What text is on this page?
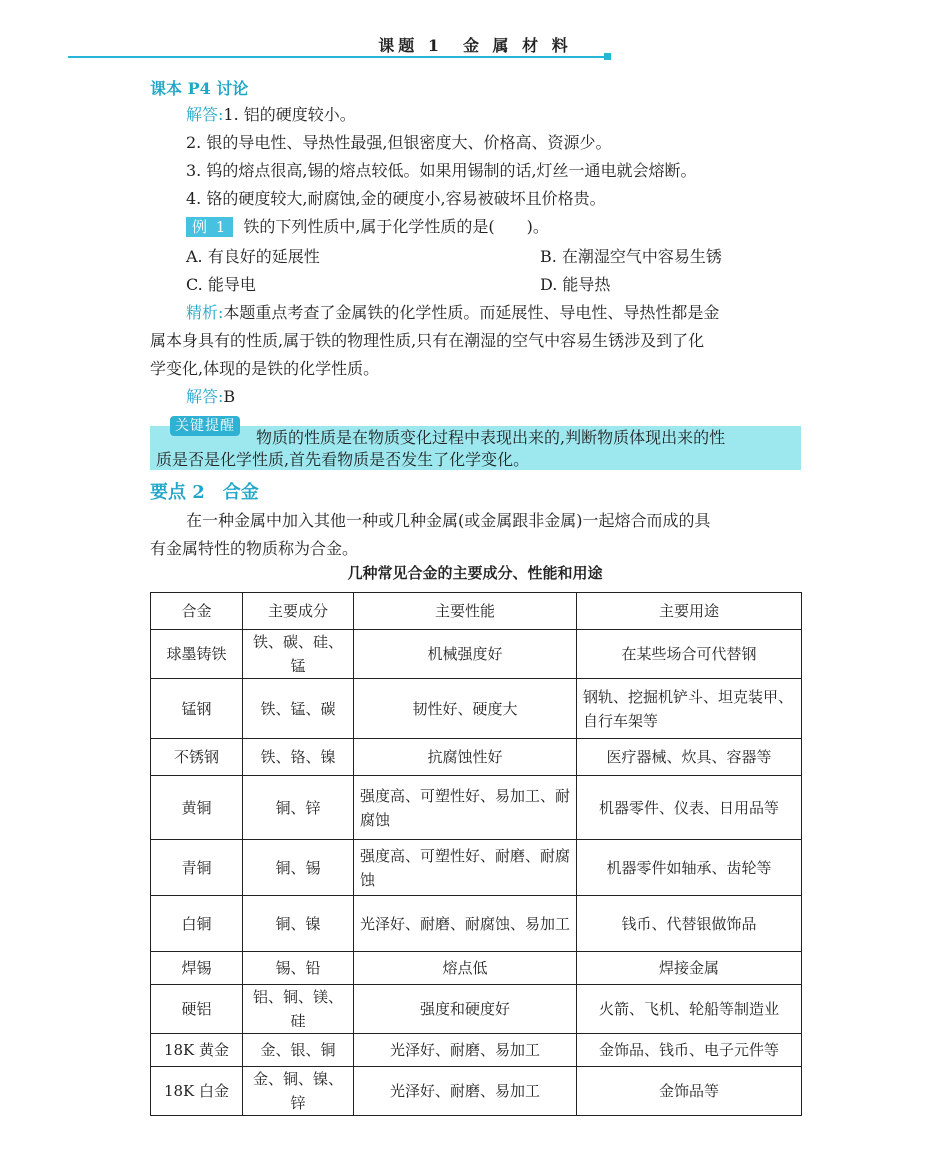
课题 1　金 属 材 料
课本 P4 讨论
解答:1. 铝的硬度较小。
2. 银的导电性、导热性最强,但银密度大、价格高、资源少。
3. 钨的熔点很高,锡的熔点较低。如果用锡制的话,灯丝一通电就会熔断。
4. 铬的硬度较大,耐腐蚀,金的硬度小,容易被破坏且价格贵。
例 1 铁的下列性质中,属于化学性质的是(　　)。
A. 有良好的延展性	B. 在潮湿空气中容易生锈
C. 能导电	D. 能导热
精析:本题重点考查了金属铁的化学性质。而延展性、导电性、导热性都是金
属本身具有的性质,属于铁的物理性质,只有在潮湿的空气中容易生锈涉及到了化
学变化,体现的是铁的化学性质。
解答:B
关键提醒
物质的性质是在物质变化过程中表现出来的,判断物质体现出来的性
质是否是化学性质,首先看物质是否发生了化学变化。
要点 2　合金
在一种金属中加入其他一种或几种金属(或金属跟非金属)一起熔合而成的具
有金属特性的物质称为合金。
几种常见合金的主要成分、性能和用途
合金	主要成分	主要性能	主要用途
球墨铸铁	铁、碳、硅、锰	机械强度好	在某些场合可代替钢
锰钢	铁、锰、碳	韧性好、硬度大	钢轨、挖掘机铲斗、坦克装甲、自行车架等
不锈钢	铁、铬、镍	抗腐蚀性好	医疗器械、炊具、容器等
黄铜	铜、锌	强度高、可塑性好、易加工、耐腐蚀	机器零件、仪表、日用品等
青铜	铜、锡	强度高、可塑性好、耐磨、耐腐蚀	机器零件如轴承、齿轮等
白铜	铜、镍	光泽好、耐磨、耐腐蚀、易加工	钱币、代替银做饰品
焊锡	锡、铅	熔点低	焊接金属
硬铝	铝、铜、镁、硅	强度和硬度好	火箭、飞机、轮船等制造业
18K 黄金	金、银、铜	光泽好、耐磨、易加工	金饰品、钱币、电子元件等
18K 白金	金、铜、镍、锌	光泽好、耐磨、易加工	金饰品等
